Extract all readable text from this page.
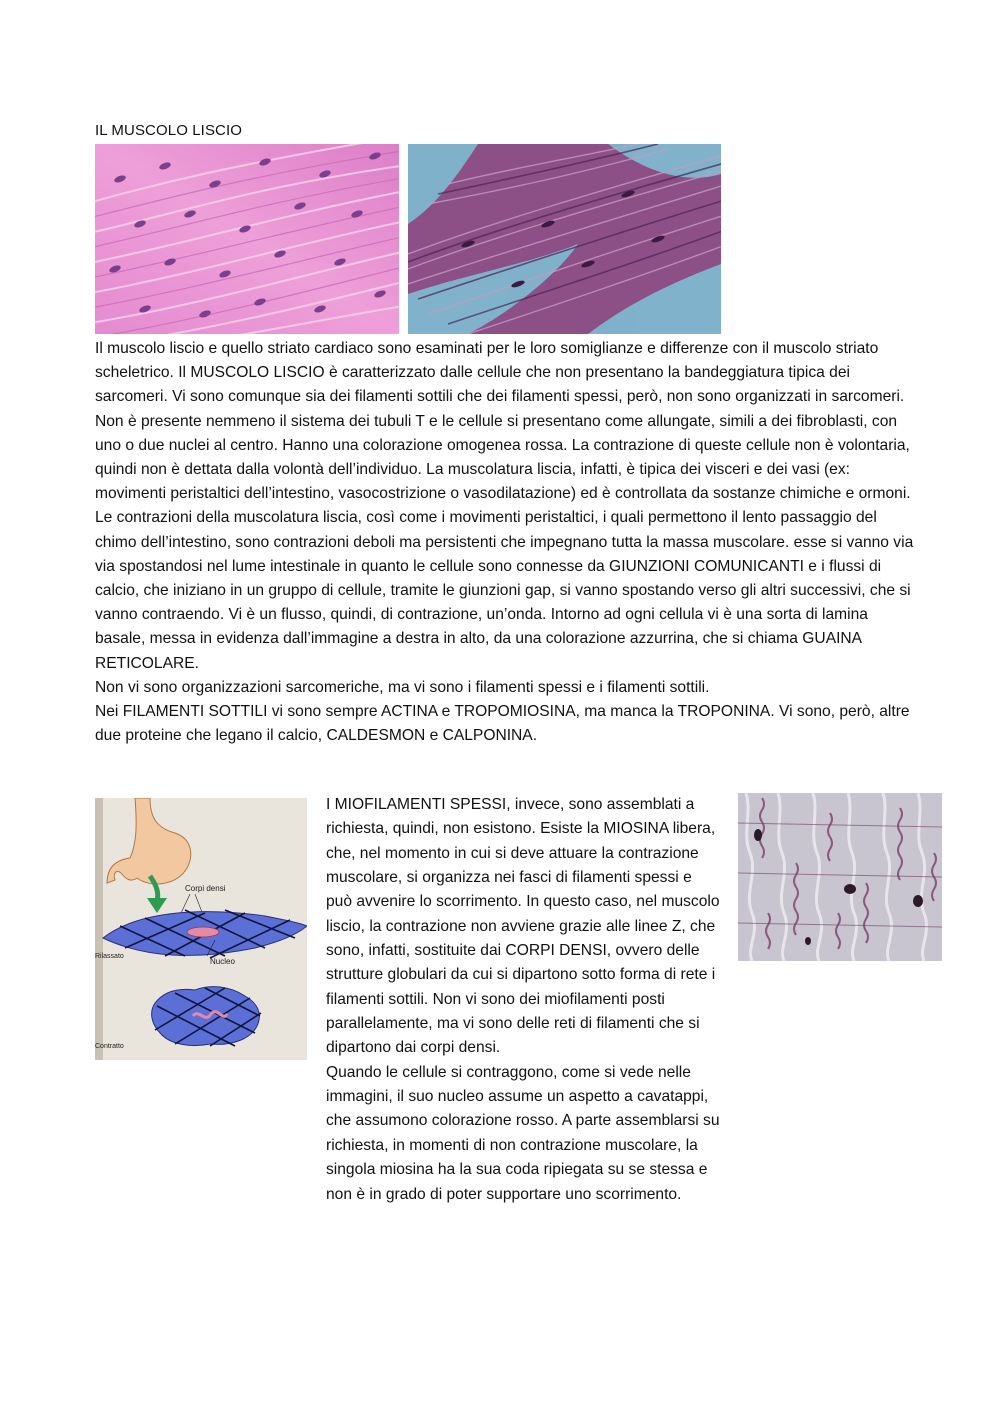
IL MUSCOLO LISCIO

Il muscolo liscio e quello striato cardiaco sono esaminati per le loro somiglianze e differenze con il muscolo striato scheletrico. Il MUSCOLO LISCIO è caratterizzato dalle cellule che non presentano la bandeggiatura tipica dei sarcomeri. Vi sono comunque sia dei filamenti sottili che dei filamenti spessi, però, non sono organizzati in sarcomeri. Non è presente nemmeno il sistema dei tubuli T e le cellule si presentano come allungate, simili a dei fibroblasti, con uno o due nuclei al centro. Hanno una colorazione omogenea rossa. La contrazione di queste cellule non è volontaria, quindi non è dettata dalla volontà dell’individuo. La muscolatura liscia, infatti, è tipica dei visceri e dei vasi (ex: movimenti peristaltici dell’intestino, vasocostrizione o vasodilatazione) ed è controllata da sostanze chimiche e ormoni. Le contrazioni della muscolatura liscia, così come i movimenti peristaltici, i quali permettono il lento passaggio del chimo dell’intestino, sono contrazioni deboli ma persistenti che impegnano tutta la massa muscolare. esse si vanno via via spostandosi nel lume intestinale in quanto le cellule sono connesse da GIUNZIONI COMUNICANTI e i flussi di calcio, che iniziano in un gruppo di cellule, tramite le giunzioni gap, si vanno spostando verso gli altri successivi, che si vanno contraendo. Vi è un flusso, quindi, di contrazione, un’onda. Intorno ad ogni cellula vi è una sorta di lamina basale, messa in evidenza dall’immagine a destra in alto, da una colorazione azzurrina, che si chiama GUAINA RETICOLARE.

Non vi sono organizzazioni sarcomeriche, ma vi sono i filamenti spessi e i filamenti sottili.

Nei FILAMENTI SOTTILI vi sono sempre ACTINA e TROPOMIOSINA, ma manca la TROPONINA. Vi sono, però, altre due proteine che legano il calcio, CALDESMON e CALPONINA.

Corpi densi
Rilassato
Nucleo
Contratto

I MIOFILAMENTI SPESSI, invece, sono assemblati a richiesta, quindi, non esistono. Esiste la MIOSINA libera, che, nel momento in cui si deve attuare la contrazione muscolare, si organizza nei fasci di filamenti spessi e può avvenire lo scorrimento. In questo caso, nel muscolo liscio, la contrazione non avviene grazie alle linee Z, che sono, infatti, sostituite dai CORPI DENSI, ovvero delle strutture globulari da cui si dipartono sotto forma di rete i filamenti sottili. Non vi sono dei miofilamenti posti parallelamente, ma vi sono delle reti di filamenti che si dipartono dai corpi densi.

Quando le cellule si contraggono, come si vede nelle immagini, il suo nucleo assume un aspetto a cavatappi, che assumono colorazione rosso. A parte assemblarsi su richiesta, in momenti di non contrazione muscolare, la singola miosina ha la sua coda ripiegata su se stessa e non è in grado di poter supportare uno scorrimento.
